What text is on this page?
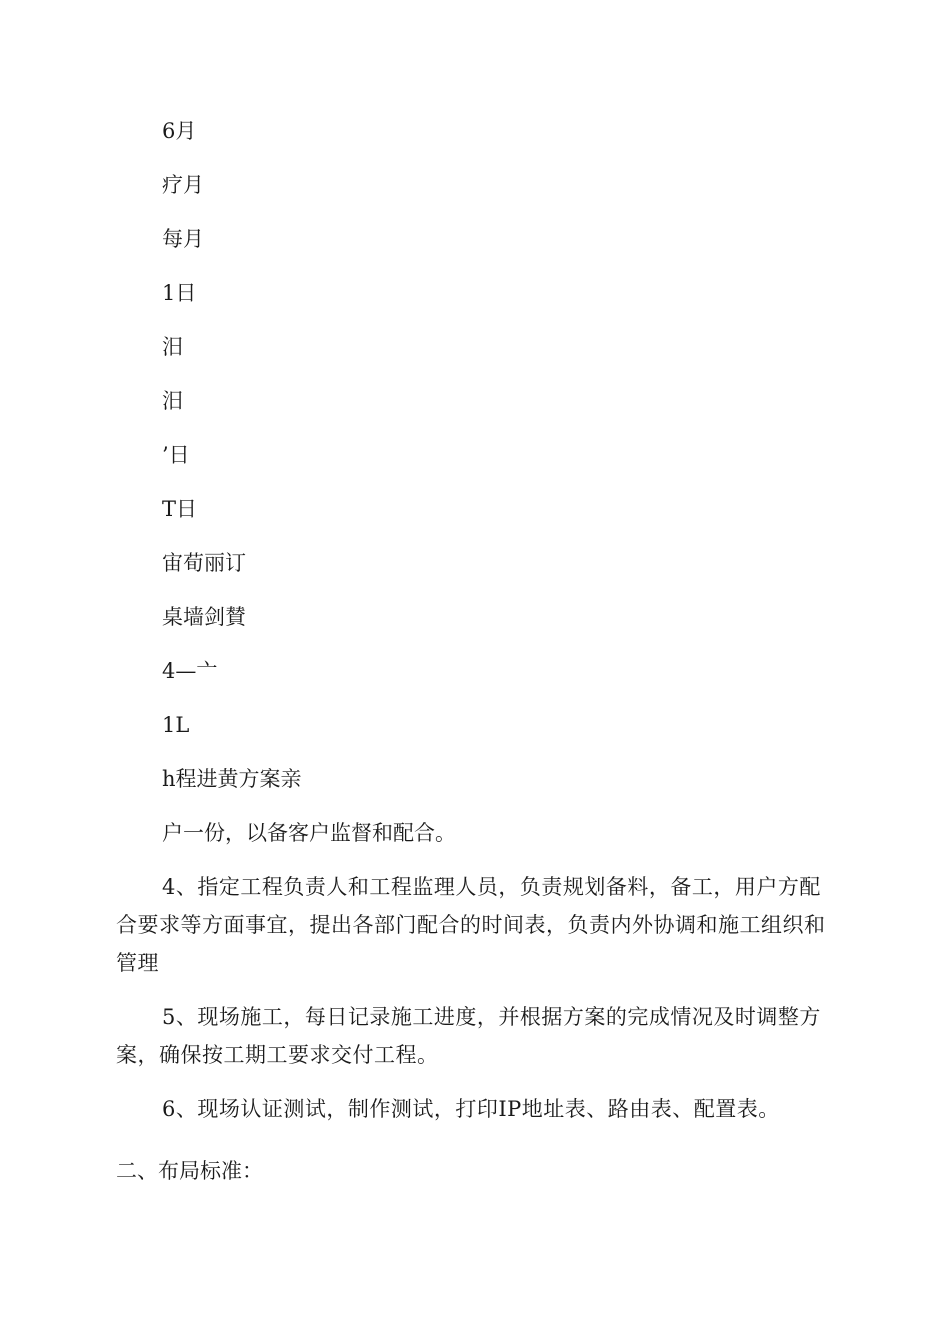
6月
疗月
每月
1日
汨
汨
’日
T日
宙荀丽订
桌墙剑賛
4—亠
1L
h程进黄方案亲
户一份，以备客户监督和配合。
4、指定工程负责人和工程监理人员，负责规划备料，备工，用户方配合要求等方面事宜，提出各部门配合的时间表，负责内外协调和施工组织和管理
5、现场施工，每日记录施工进度，并根据方案的完成情况及时调整方案，确保按工期工要求交付工程。
6、现场认证测试，制作测试，打印IP地址表、路由表、配置表。
二、布局标准：
